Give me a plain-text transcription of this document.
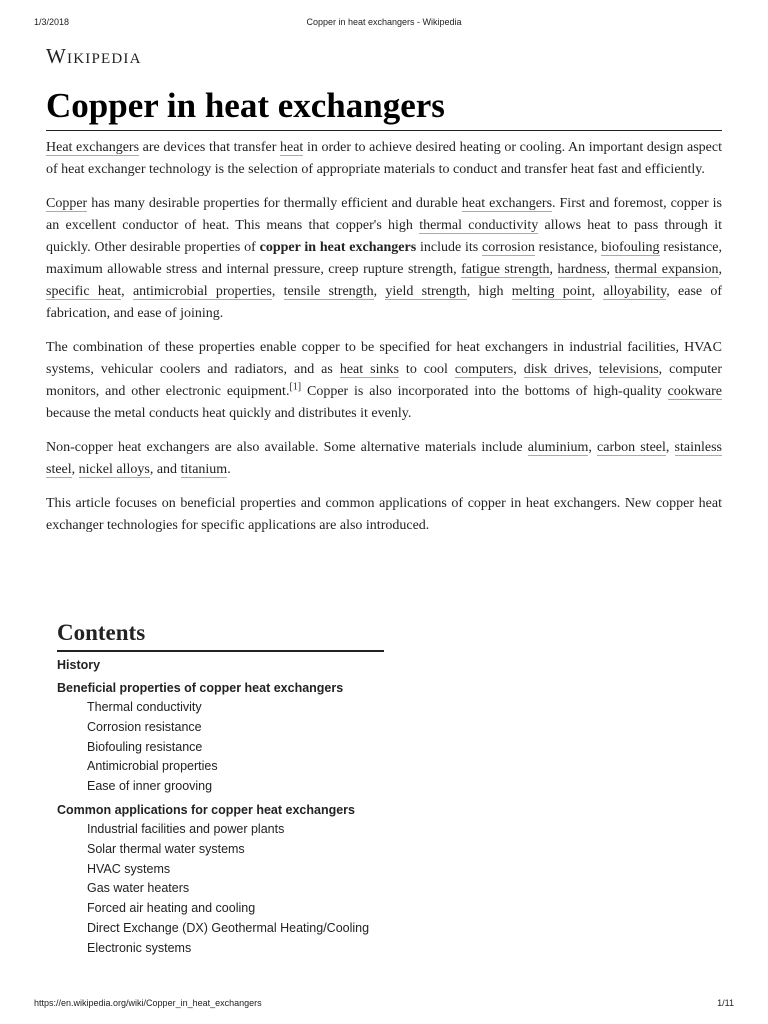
1/3/2018	Copper in heat exchangers - Wikipedia
Wikipedia
Copper in heat exchangers

Heat exchangers are devices that transfer heat in order to achieve desired heating or cooling. An important design aspect of heat exchanger technology is the selection of appropriate materials to conduct and transfer heat fast and efficiently.

Copper has many desirable properties for thermally efficient and durable heat exchangers. First and foremost, copper is an excellent conductor of heat. This means that copper's high thermal conductivity allows heat to pass through it quickly. Other desirable properties of copper in heat exchangers include its corrosion resistance, biofouling resistance, maximum allowable stress and internal pressure, creep rupture strength, fatigue strength, hardness, thermal expansion, specific heat, antimicrobial properties, tensile strength, yield strength, high melting point, alloyability, ease of fabrication, and ease of joining.

The combination of these properties enable copper to be specified for heat exchangers in industrial facilities, HVAC systems, vehicular coolers and radiators, and as heat sinks to cool computers, disk drives, televisions, computer monitors, and other electronic equipment.[1] Copper is also incorporated into the bottoms of high-quality cookware because the metal conducts heat quickly and distributes it evenly.

Non-copper heat exchangers are also available. Some alternative materials include aluminium, carbon steel, stainless steel, nickel alloys, and titanium.

This article focuses on beneficial properties and common applications of copper in heat exchangers. New copper heat exchanger technologies for specific applications are also introduced.

Contents
History
Beneficial properties of copper heat exchangers
Thermal conductivity
Corrosion resistance
Biofouling resistance
Antimicrobial properties
Ease of inner grooving
Common applications for copper heat exchangers
Industrial facilities and power plants
Solar thermal water systems
HVAC systems
Gas water heaters
Forced air heating and cooling
Direct Exchange (DX) Geothermal Heating/Cooling
Electronic systems
https://en.wikipedia.org/wiki/Copper_in_heat_exchangers	1/11
